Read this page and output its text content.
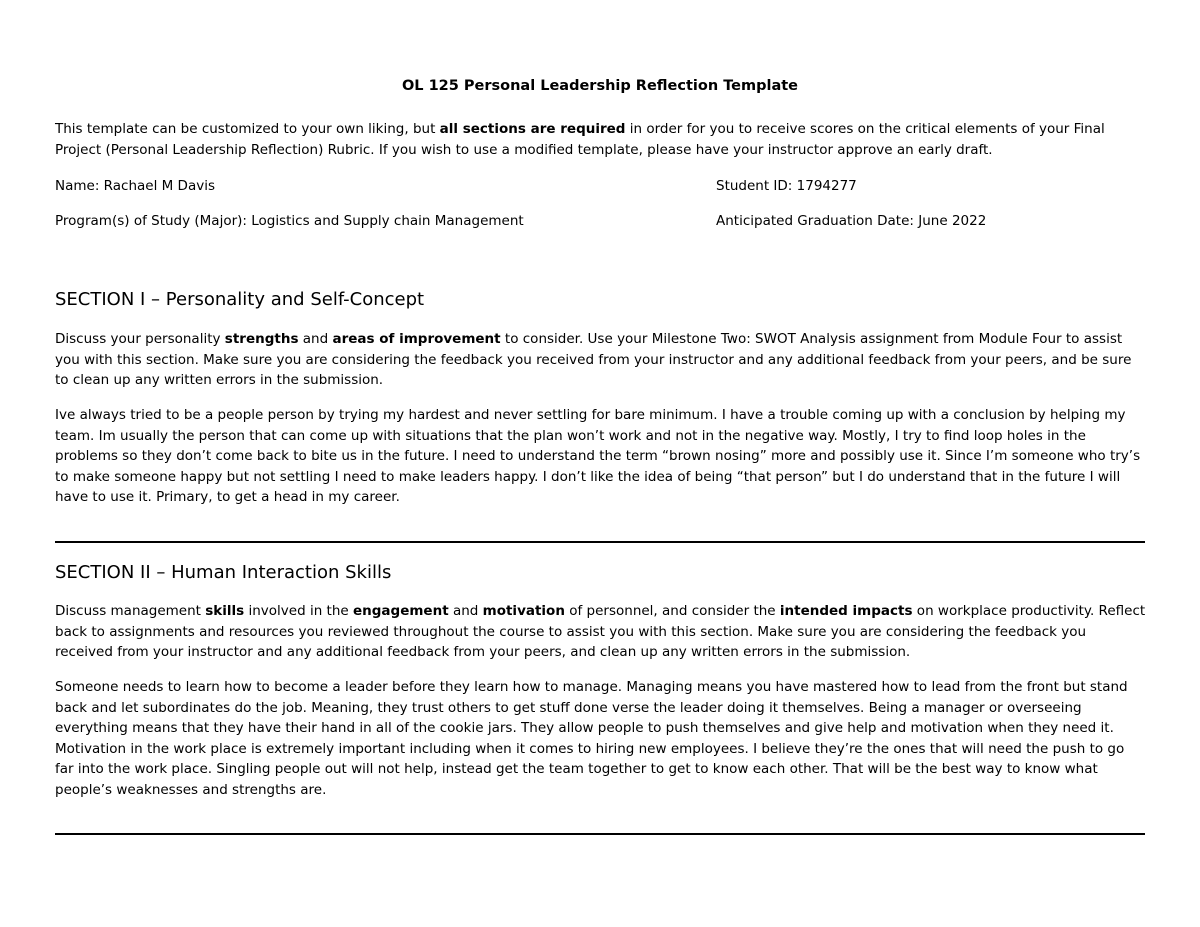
OL 125 Personal Leadership Reflection Template

This template can be customized to your own liking, but all sections are required in order for you to receive scores on the critical elements of your Final Project (Personal Leadership Reflection) Rubric. If you wish to use a modified template, please have your instructor approve an early draft.

Name: Rachael M Davis	Student ID: 1794277
Program(s) of Study (Major): Logistics and Supply chain Management	Anticipated Graduation Date: June 2022
SECTION I – Personality and Self-Concept

Discuss your personality strengths and areas of improvement to consider. Use your Milestone Two: SWOT Analysis assignment from Module Four to assist you with this section. Make sure you are considering the feedback you received from your instructor and any additional feedback from your peers, and be sure to clean up any written errors in the submission.

Ive always tried to be a people person by trying my hardest and never settling for bare minimum. I have a trouble coming up with a conclusion by helping my team. Im usually the person that can come up with situations that the plan won’t work and not in the negative way. Mostly, I try to find loop holes in the problems so they don’t come back to bite us in the future. I need to understand the term “brown nosing” more and possibly use it. Since I’m someone who try’s to make someone happy but not settling I need to make leaders happy. I don’t like the idea of being “that person” but I do understand that in the future I will have to use it. Primary, to get a head in my career.

SECTION II – Human Interaction Skills

Discuss management skills involved in the engagement and motivation of personnel, and consider the intended impacts on workplace productivity. Reflect back to assignments and resources you reviewed throughout the course to assist you with this section. Make sure you are considering the feedback you received from your instructor and any additional feedback from your peers, and clean up any written errors in the submission.

Someone needs to learn how to become a leader before they learn how to manage. Managing means you have mastered how to lead from the front but stand back and let subordinates do the job. Meaning, they trust others to get stuff done verse the leader doing it themselves. Being a manager or overseeing everything means that they have their hand in all of the cookie jars. They allow people to push themselves and give help and motivation when they need it. Motivation in the work place is extremely important including when it comes to hiring new employees. I believe they’re the ones that will need the push to go far into the work place. Singling people out will not help, instead get the team together to get to know each other. That will be the best way to know what people’s weaknesses and strengths are.
